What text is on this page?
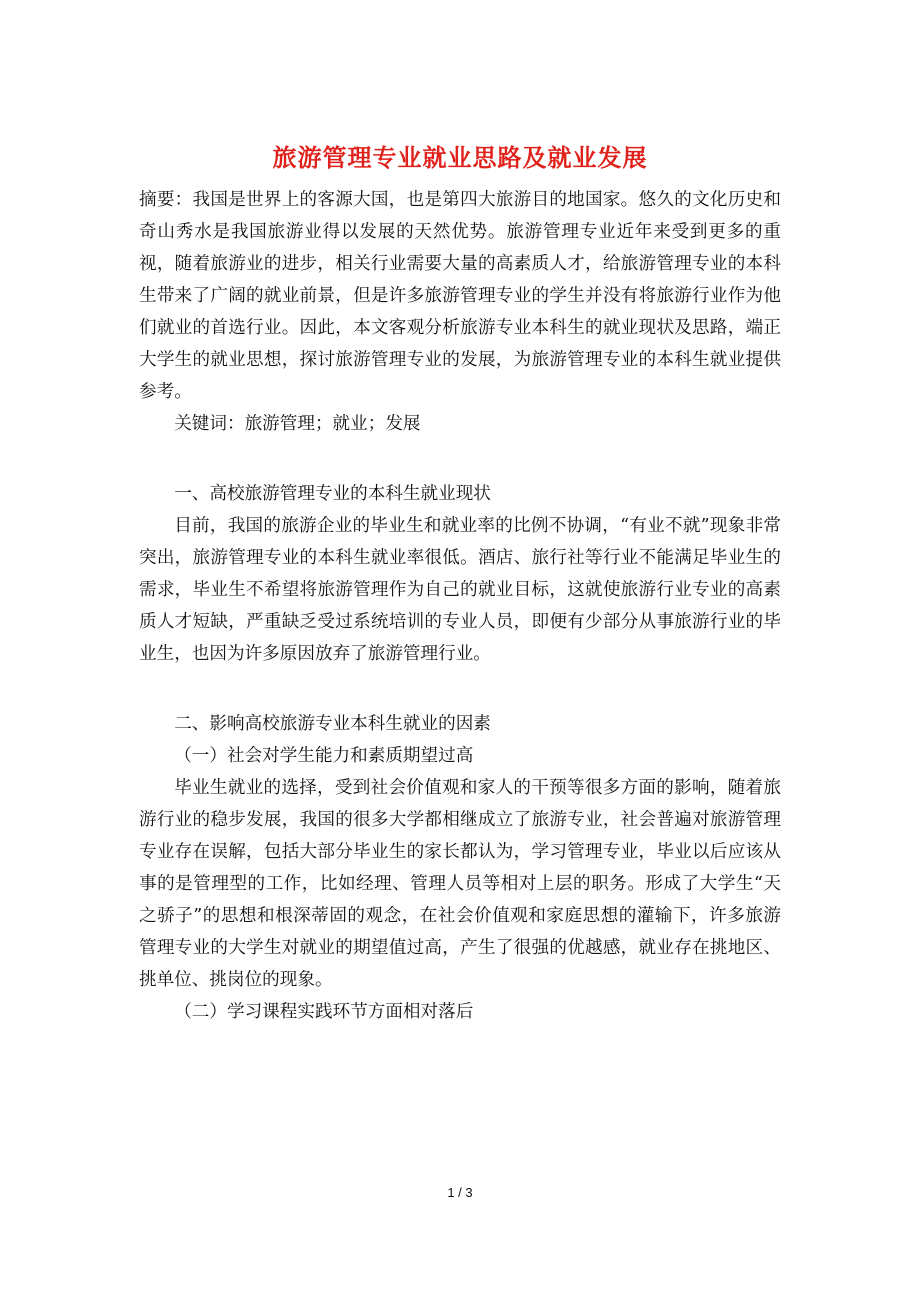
旅游管理专业就业思路及就业发展

摘要：我国是世界上的客源大国，也是第四大旅游目的地国家。悠久的文化历史和奇山秀水是我国旅游业得以发展的天然优势。旅游管理专业近年来受到更多的重视，随着旅游业的进步，相关行业需要大量的高素质人才，给旅游管理专业的本科生带来了广阔的就业前景，但是许多旅游管理专业的学生并没有将旅游行业作为他们就业的首选行业。因此，本文客观分析旅游专业本科生的就业现状及思路，端正大学生的就业思想，探讨旅游管理专业的发展，为旅游管理专业的本科生就业提供参考。

关键词：旅游管理；就业；发展

一、高校旅游管理专业的本科生就业现状

目前，我国的旅游企业的毕业生和就业率的比例不协调，“有业不就”现象非常突出，旅游管理专业的本科生就业率很低。酒店、旅行社等行业不能满足毕业生的需求，毕业生不希望将旅游管理作为自己的就业目标，这就使旅游行业专业的高素质人才短缺，严重缺乏受过系统培训的专业人员，即便有少部分从事旅游行业的毕业生，也因为许多原因放弃了旅游管理行业。

二、影响高校旅游专业本科生就业的因素

（一）社会对学生能力和素质期望过高

毕业生就业的选择，受到社会价值观和家人的干预等很多方面的影响，随着旅游行业的稳步发展，我国的很多大学都相继成立了旅游专业，社会普遍对旅游管理专业存在误解，包括大部分毕业生的家长都认为，学习管理专业，毕业以后应该从事的是管理型的工作，比如经理、管理人员等相对上层的职务。形成了大学生“天之骄子”的思想和根深蒂固的观念，在社会价值观和家庭思想的灌输下，许多旅游管理专业的大学生对就业的期望值过高，产生了很强的优越感，就业存在挑地区、挑单位、挑岗位的现象。

（二）学习课程实践环节方面相对落后

1 / 3
